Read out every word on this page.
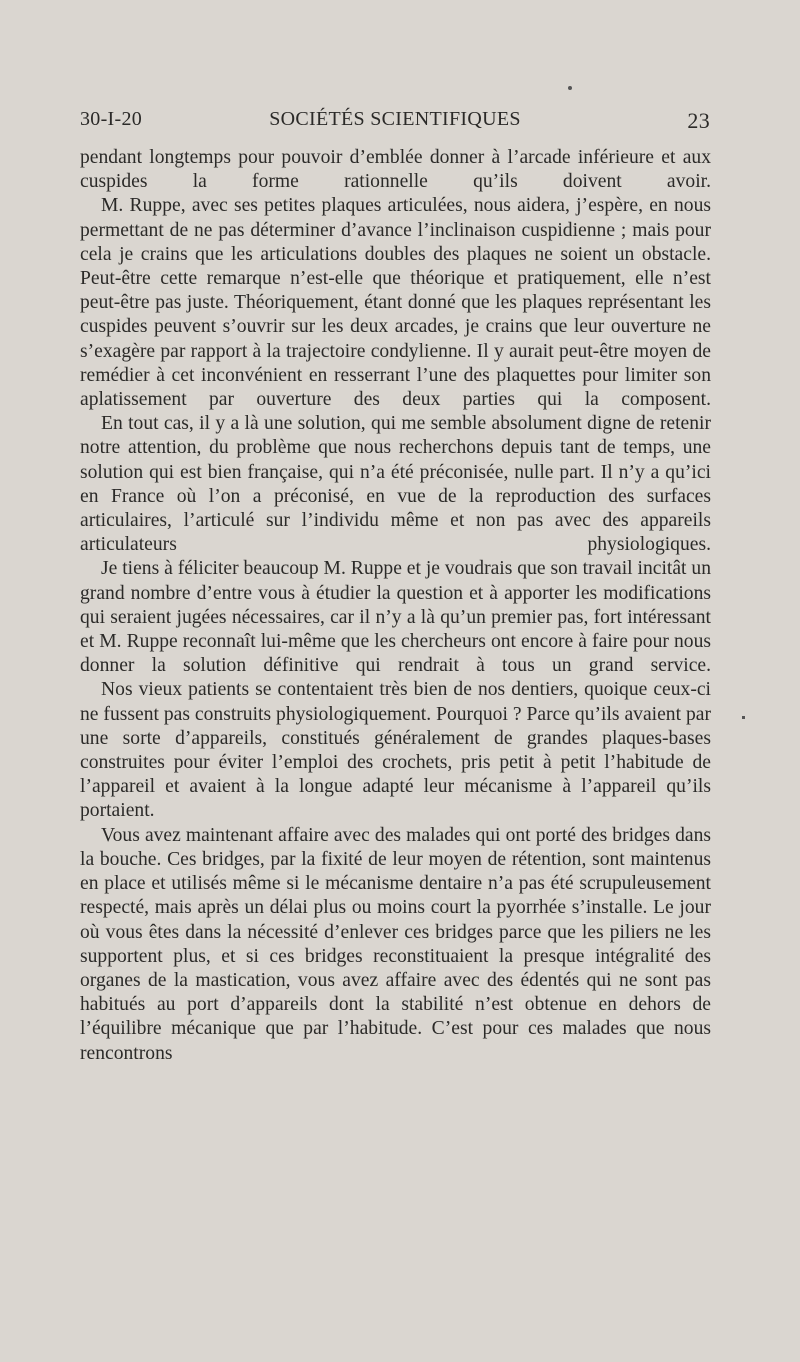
30-I-20	SOCIÉTÉS SCIENTIFIQUES	23

pendant longtemps pour pouvoir d’emblée donner à l’arcade inférieure et aux cuspides la forme rationnelle qu’ils doivent avoir.

M. Ruppe, avec ses petites plaques articulées, nous aidera, j’espère, en nous permettant de ne pas déterminer d’avance l’inclinaison cuspidienne ; mais pour cela je crains que les articulations doubles des plaques ne soient un obstacle. Peut-être cette remarque n’est-elle que théorique et pratiquement, elle n’est peut-être pas juste. Théoriquement, étant donné que les plaques représentant les cuspides peuvent s’ouvrir sur les deux arcades, je crains que leur ouverture ne s’exagère par rapport à la trajectoire condylienne. Il y aurait peut-être moyen de remédier à cet inconvénient en resserrant l’une des plaquettes pour limiter son aplatissement par ouverture des deux parties qui la composent.

En tout cas, il y a là une solution, qui me semble absolument digne de retenir notre attention, du problème que nous recherchons depuis tant de temps, une solution qui est bien française, qui n’a été préconisée, nulle part. Il n’y a qu’ici en France où l’on a préconisé, en vue de la reproduction des surfaces articulaires, l’articulé sur l’individu même et non pas avec des appareils articulateurs physiologiques.

Je tiens à féliciter beaucoup M. Ruppe et je voudrais que son travail incitât un grand nombre d’entre vous à étudier la question et à apporter les modifications qui seraient jugées nécessaires, car il n’y a là qu’un premier pas, fort intéressant et M. Ruppe reconnaît lui-même que les chercheurs ont encore à faire pour nous donner la solution définitive qui rendrait à tous un grand service.

Nos vieux patients se contentaient très bien de nos dentiers, quoique ceux-ci ne fussent pas construits physiologiquement. Pourquoi ? Parce qu’ils avaient par une sorte d’appareils, constitués généralement de grandes plaques-bases construites pour éviter l’emploi des crochets, pris petit à petit l’habitude de l’appareil et avaient à la longue adapté leur mécanisme à l’appareil qu’ils portaient.

Vous avez maintenant affaire avec des malades qui ont porté des bridges dans la bouche. Ces bridges, par la fixité de leur moyen de rétention, sont maintenus en place et utilisés même si le mécanisme dentaire n’a pas été scrupuleusement respecté, mais après un délai plus ou moins court la pyorrhée s’installe. Le jour où vous êtes dans la nécessité d’enlever ces bridges parce que les piliers ne les supportent plus, et si ces bridges reconstituaient la presque intégralité des organes de la mastication, vous avez affaire avec des édentés qui ne sont pas habitués au port d’appareils dont la stabilité n’est obtenue en dehors de l’équilibre mécanique que par l’habitude. C’est pour ces malades que nous rencontrons
